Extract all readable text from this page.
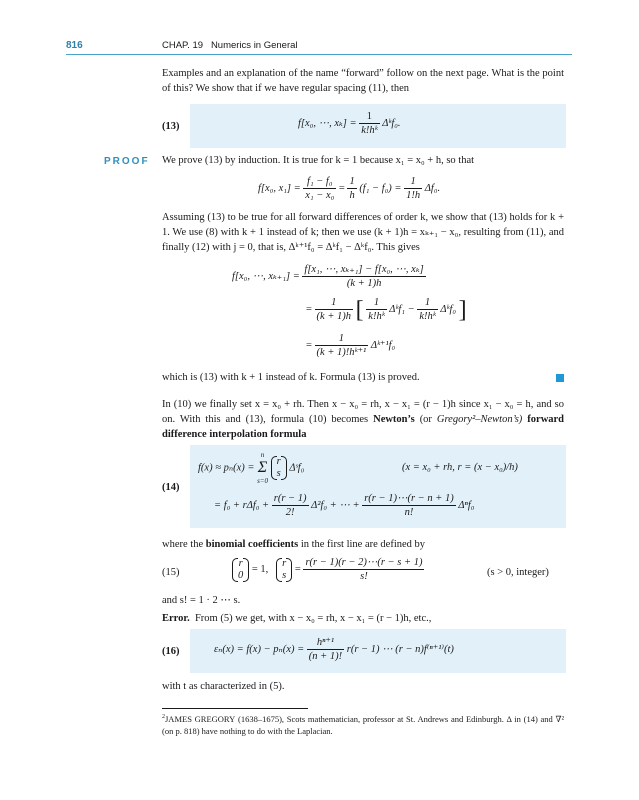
816	CHAP. 19 Numerics in General
Examples and an explanation of the name “forward” follow on the next page. What is the point of this? We show that if we have regular spacing (11), then
(13)	f[x₀, ⋯, $x_k] = \frac{1}{\text{k!hᵏ}}$ Δᵏf₀.
PROOF We prove (13) by induction. It is true for k = 1 because x₁ = x₀ + h, so that
f[x₀, $x_1] = \frac{\text{f₁ − f₀}}{\text{x₁ − x₀}} = \frac{1}{h} (f_1 - f_0) = \frac{1}{1!h} \Delta f_0$.
Assuming (13) to be true for all forward differences of order k, we show that (13) holds for k + 1. We use (8) with k + 1 instead of k; then we use (k + 1)h = xₖ₊₁ − x₀, resulting from (11), and finally (12) with j = 0, that is, Δᵏ⁺¹f₀ = Δᵏf₁ − Δᵏf₀. This gives
f[x₀, ⋯, $x_{k+1}] = \frac{\text{f[x₁, ⋯, xₖ₊₁] − f[x₀, ⋯, xₖ]}}{(k + 1)h}$
= $\frac{1}{(k + 1)h}$ [ $\frac{1}{\text{k!hᵏ}}$ Δᵏf₁ − $\frac{1}{\text{k!hᵏ}}$ Δᵏf₀ ]
= $\frac{1}{\text{(k + 1)!hᵏ⁺¹}}$ Δᵏ⁺¹f₀
which is (13) with k + 1 instead of k. Formula (13) is proved.
In (10) we finally set x = x₀ + rh. Then x − x₀ = rh, x − x₁ = (r − 1)h since x₁ − x₀ = h, and so on. With this and (13), formula (10) becomes Newton’s (or Gregory²–Newton’s) forward difference interpolation formula
(14)
f(x) ≈ pₙ(x) =
n
Σ
s=0

r
s Δˢf₀	(x = x₀ + rh, r = (x − x₀)/h)
= $f_0 + r\Delta f_0 + \frac{r(r - 1)}{2!} \Delta^2f_0$ + ⋯ + $\frac{r(r - 1)\cdots(r - n + 1)}{n!} \Delta^nf_0$
where the binomial coefficients in the first line are defined by
(15)
r
0 = 1,
r
$s = \frac{r(r - 1)(r - 2)\cdots(r - s + 1)}{s!}$	(s > 0, integer)
and s! = 1 · 2 ⋯ s.
Error. From (5) we get, with x − x₀ = rh, x − x₁ = (r − 1)h, etc.,
(16)	$\varepsilon_n(x) = f(x) - p_n(x) = \frac{\text{hⁿ⁺¹}}{(n + 1)!} r(r - 1)$ ⋯ (r − n)f⁽ⁿ⁺¹⁾(t)
with t as characterized in (5).
$^2$JAMES GREGORY (1638–1675), Scots mathematician, professor at St. Andrews and Edinburgh. Δ in (14) and ∇² (on p. 818) have nothing to do with the Laplacian.
